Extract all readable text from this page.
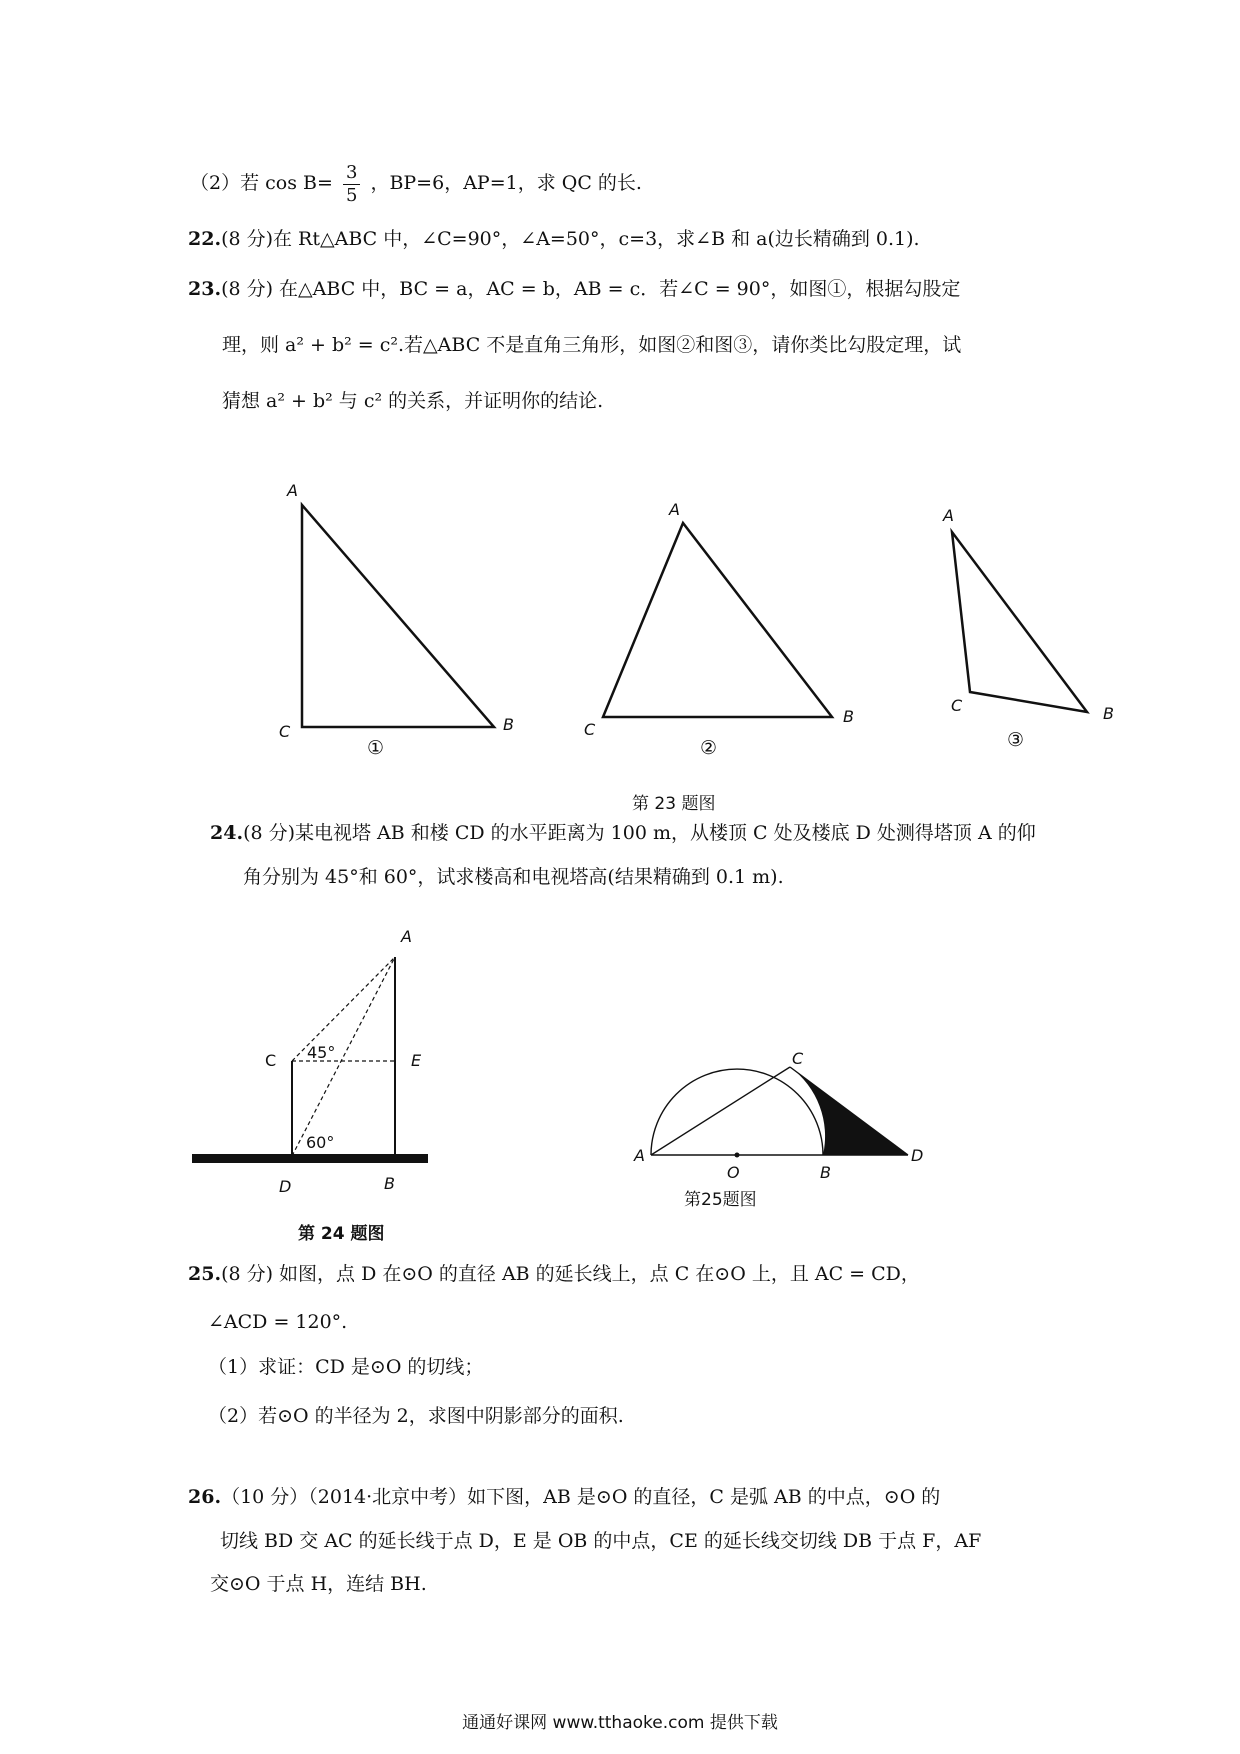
（2）若 $\cos B= \frac{3}{5}$ ，BP=6，AP=1，求 QC 的长.
22.(8 分)在 Rt△ABC 中，∠C=90°，∠A=50°，c=3，求∠B 和 a(边长精确到 0.1).
23.(8 分) 在△ABC 中，BC = a，AC = b，AB = c．若∠C = 90°，如图①，根据勾股定
理，则 a² + b² = c².若△ABC 不是直角三角形，如图②和图③，请你类比勾股定理，试
猜想 a² + b² 与 c² 的关系，并证明你的结论.
A
C	B
A
C
B
A
C	B
①	②	③
第 23 题图
24.(8 分)某电视塔 AB 和楼 CD 的水平距离为 100 m，从楼顶 C 处及楼底 D 处测得塔顶 A 的仰
角分别为 45°和 60°，试求楼高和电视塔高(结果精确到 0.1 m).
A
C	E
D	B
45°
60°
第 24 题图
A
C
D
O	B
第25题图
25.(8 分) 如图，点 D 在⊙O 的直径 AB 的延长线上，点 C 在⊙O 上，且 AC = CD，
∠ACD = 120°.
（1）求证：CD 是⊙O 的切线；
（2）若⊙O 的半径为 2，求图中阴影部分的面积.
26.（10 分）（2014·北京中考）如下图，AB 是⊙O 的直径，C 是弧 AB 的中点，⊙O 的
切线 BD 交 AC 的延长线于点 D，E 是 OB 的中点，CE 的延长线交切线 DB 于点 F，AF
交⊙O 于点 H，连结 BH.
通通好课网 www.tthaoke.com 提供下载
